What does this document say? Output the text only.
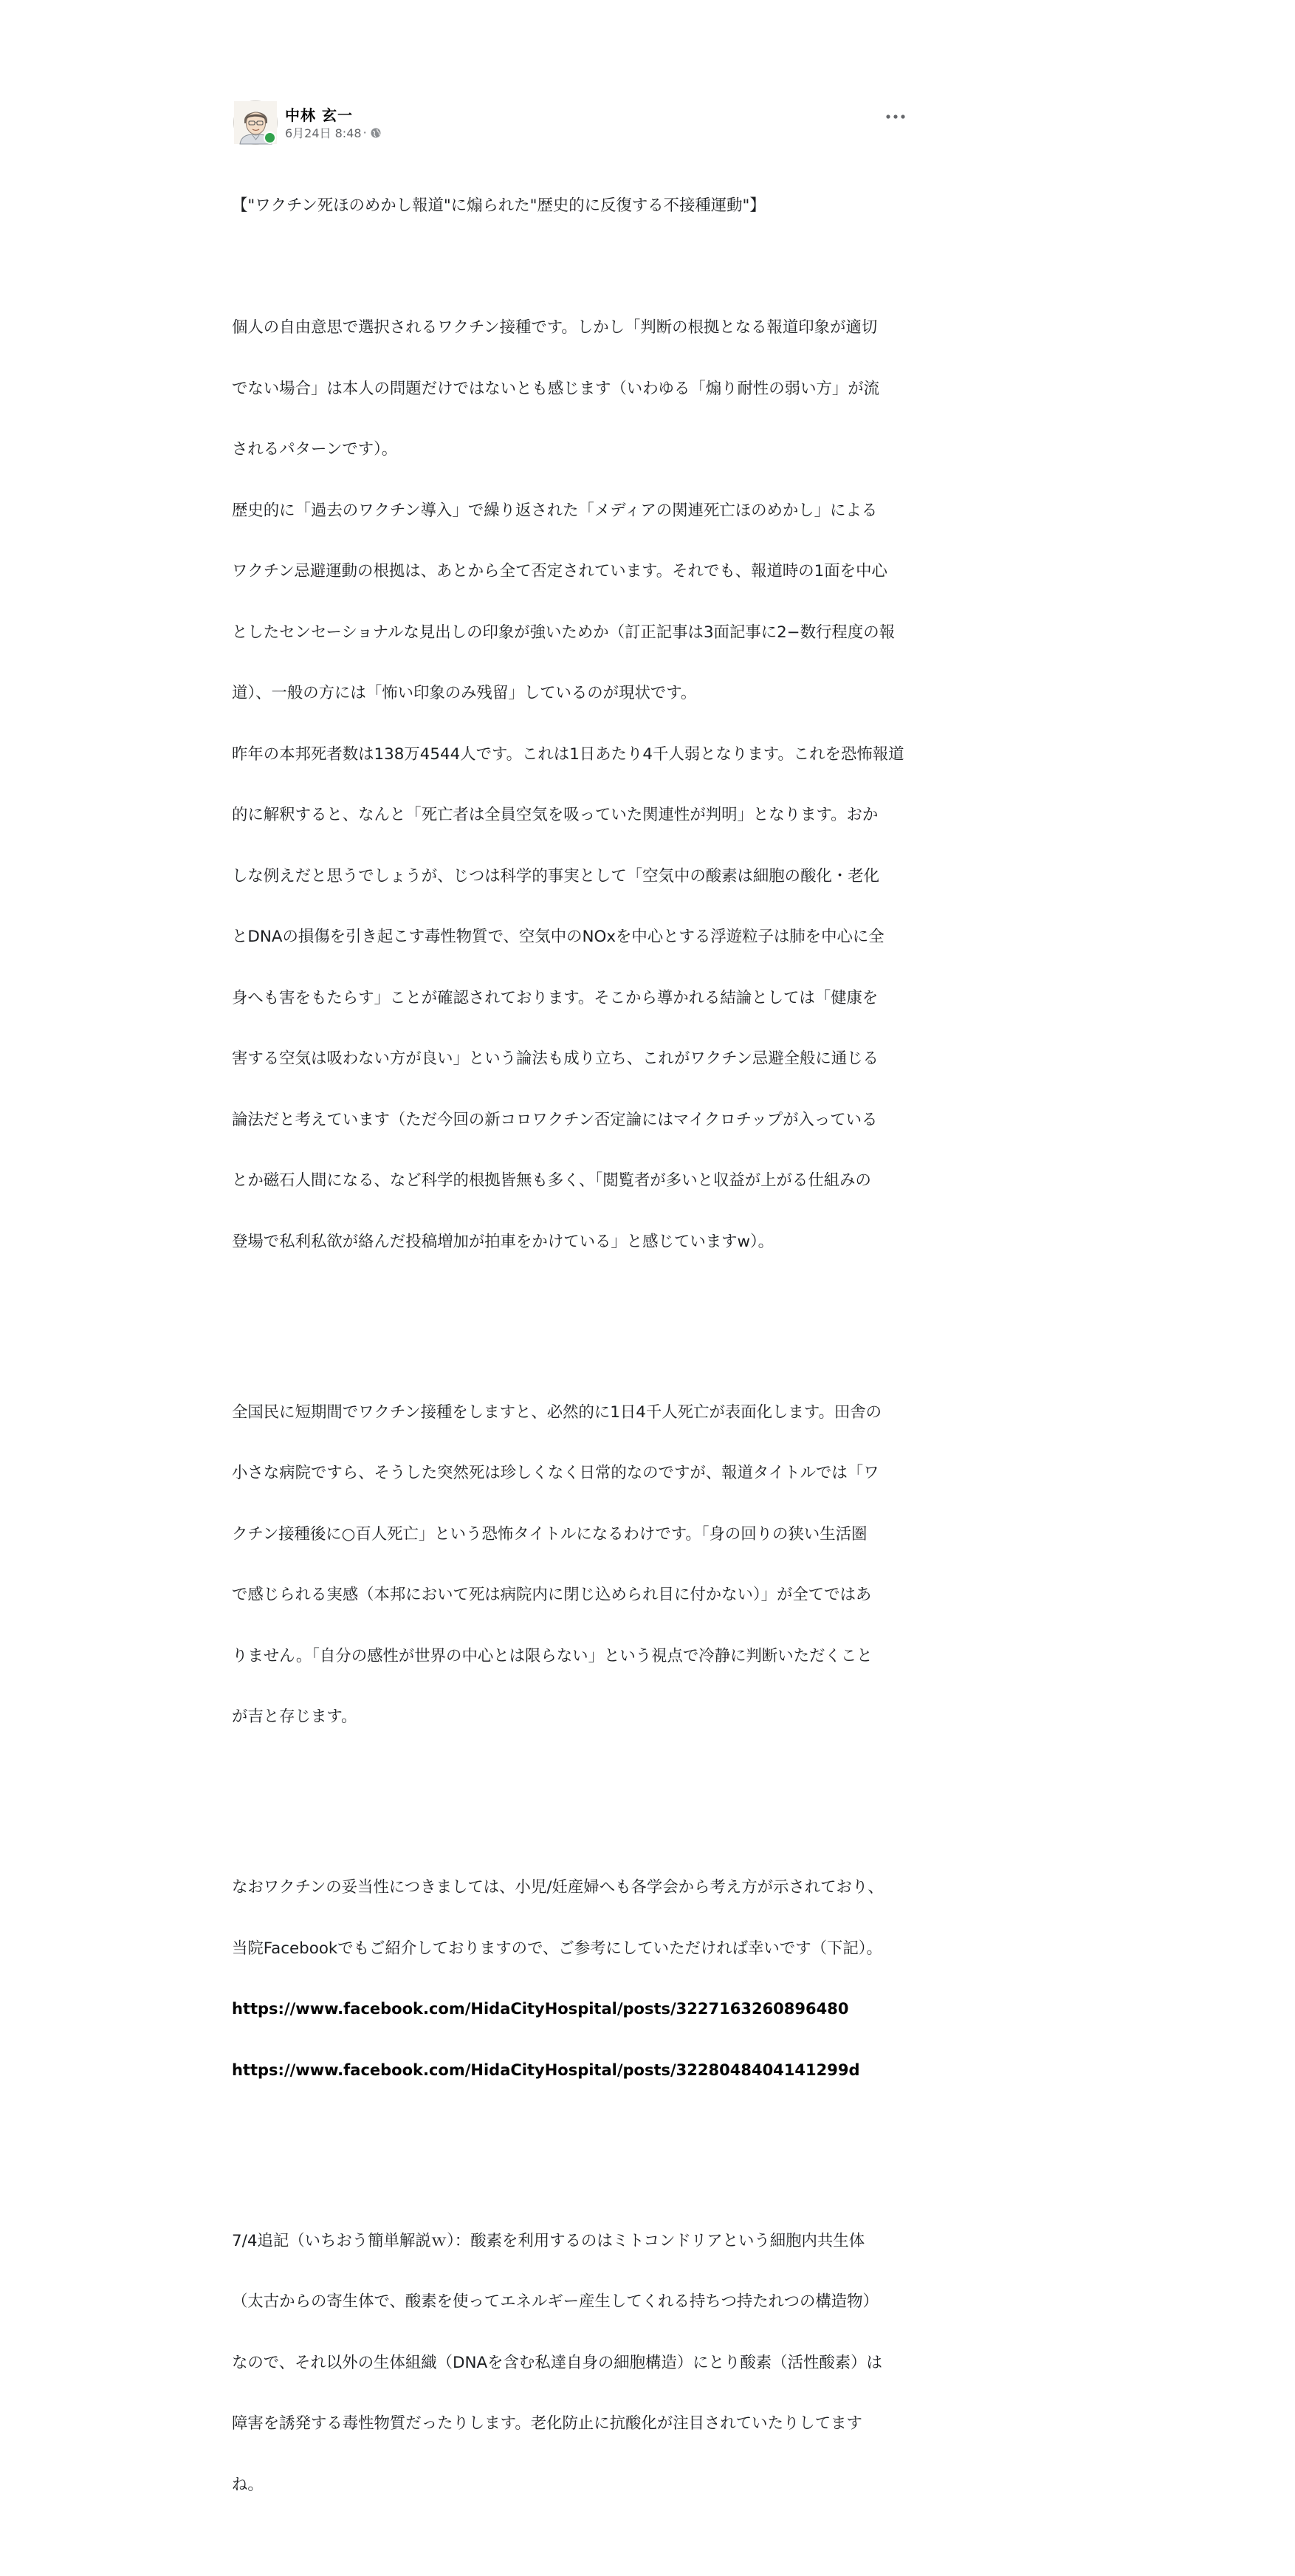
中林 玄一
6月24日 8:48 ·

【"ワクチン死ほのめかし報道"に煽られた"歴史的に反復する不接種運動"】

個人の自由意思で選択されるワクチン接種です。しかし「判断の根拠となる報道印象が適切

でない場合」は本人の問題だけではないとも感じます（いわゆる「煽り耐性の弱い方」が流

されるパターンです）。

歴史的に「過去のワクチン導入」で繰り返された「メディアの関連死亡ほのめかし」による

ワクチン忌避運動の根拠は、あとから全て否定されています。それでも、報道時の1面を中心

としたセンセーショナルな見出しの印象が強いためか（訂正記事は3面記事に2−数行程度の報

道）、一般の方には「怖い印象のみ残留」しているのが現状です。

昨年の本邦死者数は138万4544人です。これは1日あたり4千人弱となります。これを恐怖報道

的に解釈すると、なんと「死亡者は全員空気を吸っていた関連性が判明」となります。おか

しな例えだと思うでしょうが、じつは科学的事実として「空気中の酸素は細胞の酸化・老化

とDNAの損傷を引き起こす毒性物質で、空気中のNOxを中心とする浮遊粒子は肺を中心に全

身へも害をもたらす」ことが確認されております。そこから導かれる結論としては「健康を

害する空気は吸わない方が良い」という論法も成り立ち、これがワクチン忌避全般に通じる

論法だと考えています（ただ今回の新コロワクチン否定論にはマイクロチップが入っている

とか磁石人間になる、など科学的根拠皆無も多く、「閲覧者が多いと収益が上がる仕組みの

登場で私利私欲が絡んだ投稿増加が拍車をかけている」と感じていますw）。

全国民に短期間でワクチン接種をしますと、必然的に1日4千人死亡が表面化します。田舎の

小さな病院ですら、そうした突然死は珍しくなく日常的なのですが、報道タイトルでは「ワ

クチン接種後に○百人死亡」という恐怖タイトルになるわけです。「身の回りの狭い生活圏

で感じられる実感（本邦において死は病院内に閉じ込められ目に付かない）」が全てではあ

りません。「自分の感性が世界の中心とは限らない」という視点で冷静に判断いただくこと

が吉と存じます。

なおワクチンの妥当性につきましては、小児/妊産婦へも各学会から考え方が示されており、

当院Facebookでもご紹介しておりますので、ご参考にしていただければ幸いです（下記）。

https://www.facebook.com/HidaCityHospital/posts/3227163260896480

https://www.facebook.com/HidaCityHospital/posts/3228048404141299d

7/4追記（いちおう簡単解説ｗ）：酸素を利用するのはミトコンドリアという細胞内共生体

（太古からの寄生体で、酸素を使ってエネルギー産生してくれる持ちつ持たれつの構造物）

なので、それ以外の生体組織（DNAを含む私達自身の細胞構造）にとり酸素（活性酸素）は

障害を誘発する毒性物質だったりします。老化防止に抗酸化が注目されていたりしてます

ね。
